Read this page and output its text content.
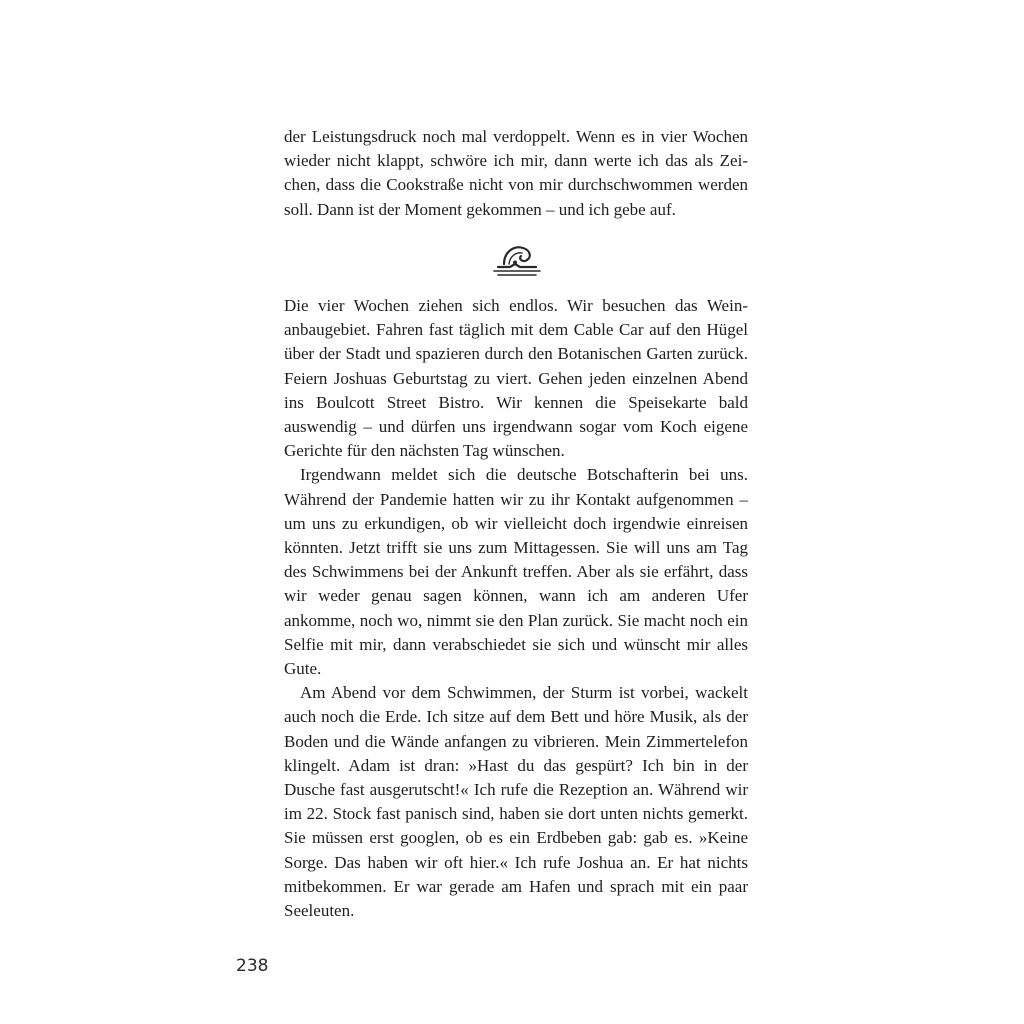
der Leistungsdruck noch mal verdoppelt. Wenn es in vier Wochen wieder nicht klappt, schwöre ich mir, dann werte ich das als Zeichen, dass die Cookstraße nicht von mir durchschwommen werden soll. Dann ist der Moment gekommen – und ich gebe auf.

Die vier Wochen ziehen sich endlos. Wir besuchen das Weinanbaugebiet. Fahren fast täglich mit dem Cable Car auf den Hügel über der Stadt und spazieren durch den Botanischen Garten zurück. Feiern Joshuas Geburtstag zu viert. Gehen jeden einzelnen Abend ins Boulcott Street Bistro. Wir kennen die Speisekarte bald auswendig – und dürfen uns irgendwann sogar vom Koch eigene Gerichte für den nächsten Tag wünschen.

Irgendwann meldet sich die deutsche Botschafterin bei uns. Während der Pandemie hatten wir zu ihr Kontakt aufgenommen – um uns zu erkundigen, ob wir vielleicht doch irgendwie einreisen könnten. Jetzt trifft sie uns zum Mittagessen. Sie will uns am Tag des Schwimmens bei der Ankunft treffen. Aber als sie erfährt, dass wir weder genau sagen können, wann ich am anderen Ufer ankomme, noch wo, nimmt sie den Plan zurück. Sie macht noch ein Selfie mit mir, dann verabschiedet sie sich und wünscht mir alles Gute.

Am Abend vor dem Schwimmen, der Sturm ist vorbei, wackelt auch noch die Erde. Ich sitze auf dem Bett und höre Musik, als der Boden und die Wände anfangen zu vibrieren. Mein Zimmertelefon klingelt. Adam ist dran: »Hast du das gespürt? Ich bin in der Dusche fast ausgerutscht!« Ich rufe die Rezeption an. Während wir im 22. Stock fast panisch sind, haben sie dort unten nichts gemerkt. Sie müssen erst googlen, ob es ein Erdbeben gab: gab es. »Keine Sorge. Das haben wir oft hier.« Ich rufe Joshua an. Er hat nichts mitbekommen. Er war gerade am Hafen und sprach mit ein paar Seeleuten.

238
